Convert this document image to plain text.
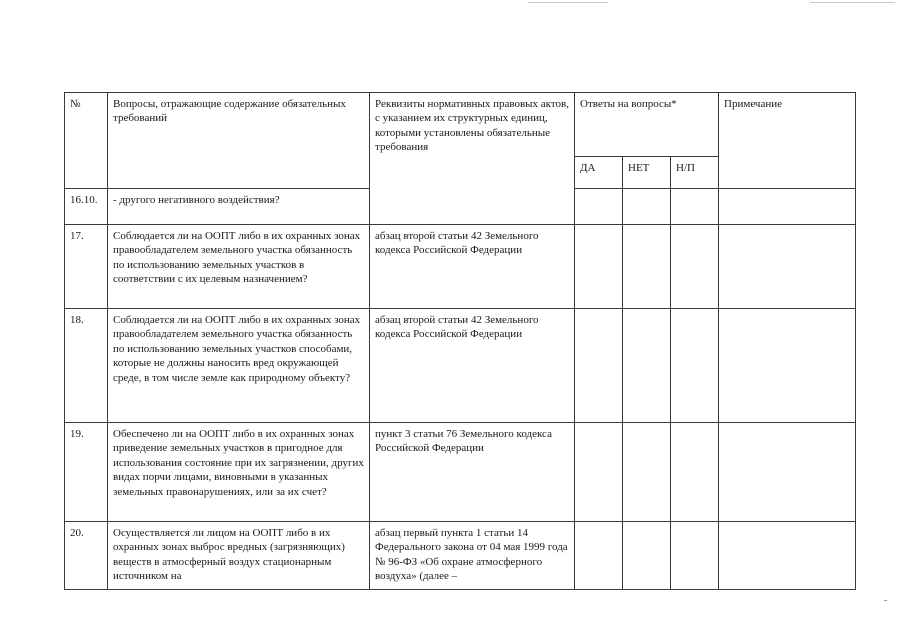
№	Вопросы, отражающие содержание обязательных требований	Реквизиты нормативных правовых актов, с указанием их структурных единиц, которыми установлены обязательные требования	Ответы на вопросы*			Примечание
			ДА	НЕТ	Н/П	
16.10.	- другого негативного воздействия?					
17.	Соблюдается ли на ООПТ либо в их охранных зонах правообладателем земельного участка обязанность по использованию земельных участков в соответствии с их целевым назначением?	абзац второй статьи 42 Земельного кодекса Российской Федерации				
18.	Соблюдается ли на ООПТ либо в их охранных зонах правообладателем земельного участка обязанность по использованию земельных участков способами, которые не должны наносить вред окружающей среде, в том числе земле как природному объекту?	абзац второй статьи 42 Земельного кодекса Российской Федерации				
19.	Обеспечено ли на ООПТ либо в их охранных зонах приведение земельных участков в пригодное для использования состояние при их загрязнении, других видах порчи лицами, виновными в указанных земельных правонарушениях, или за их счет?	пункт 3 статьи 76 Земельного кодекса Российской Федерации				
20.	Осуществляется ли лицом на ООПТ либо в их охранных зонах выброс вредных (загрязняющих) веществ в атмосферный воздух стационарным источником на	абзац первый пункта 1 статьи 14 Федерального закона от 04 мая 1999 года № 96-ФЗ «Об охране атмосферного воздуха» (далее –				
